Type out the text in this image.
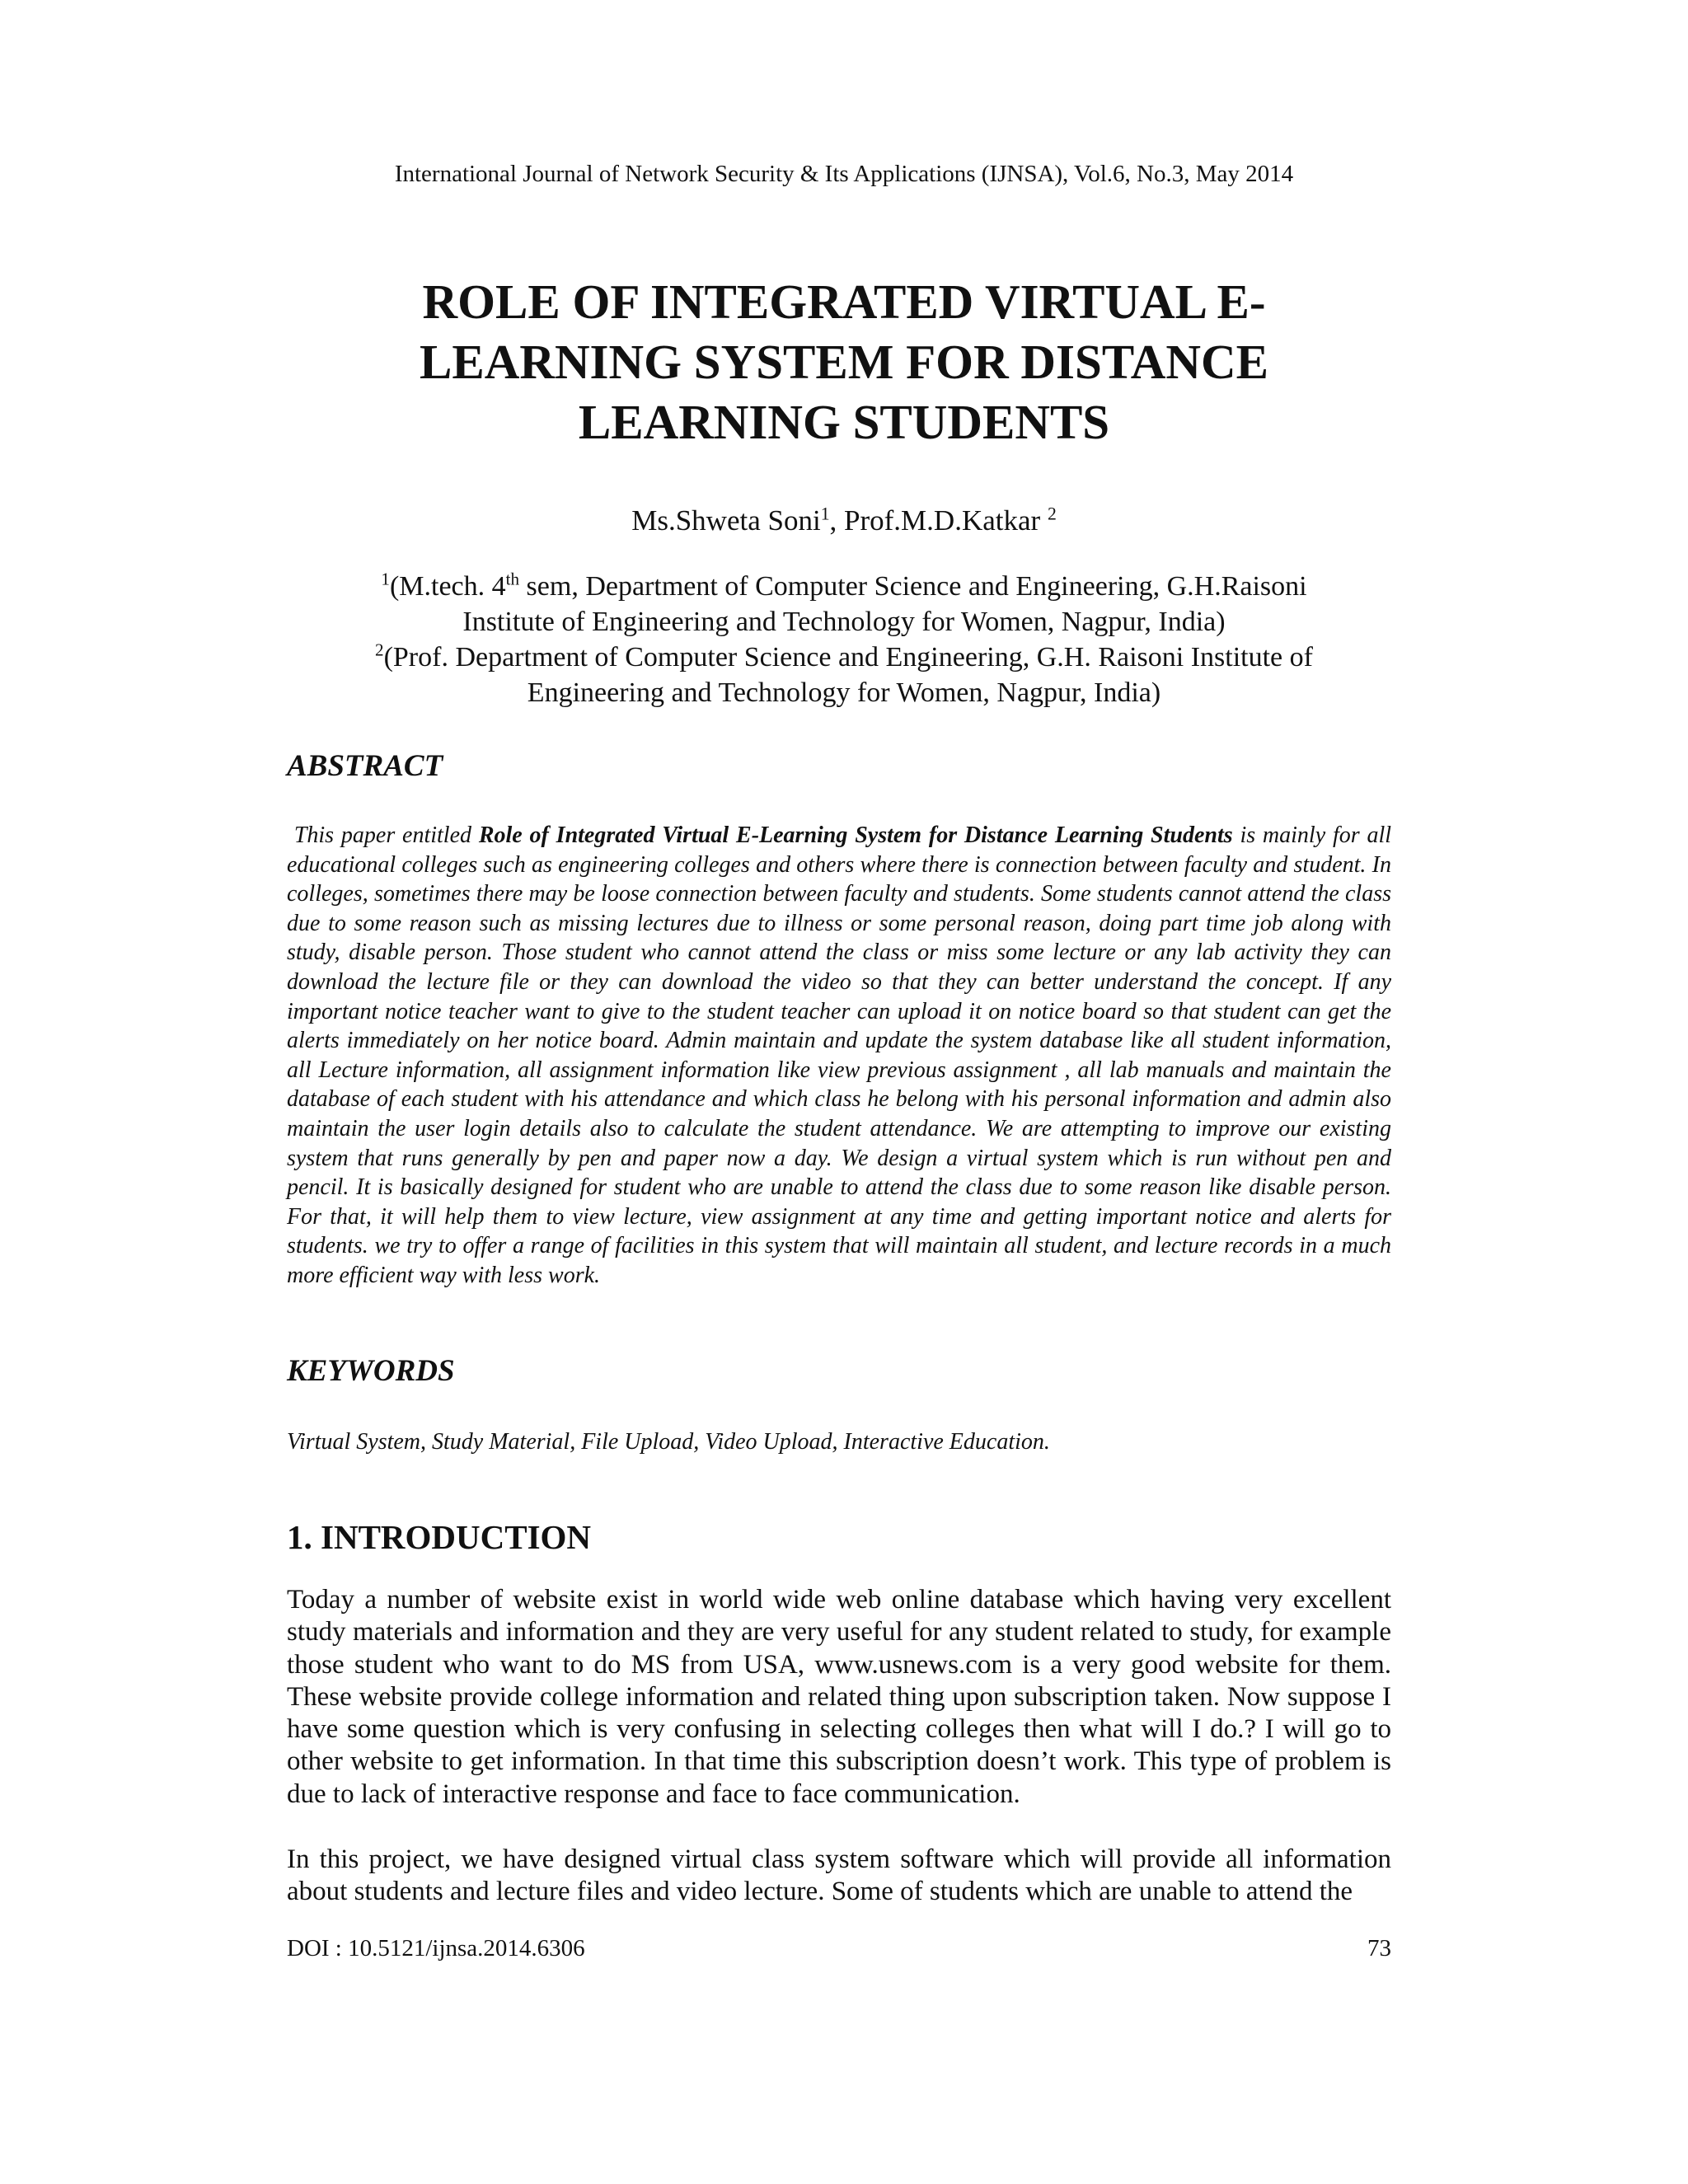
International Journal of Network Security & Its Applications (IJNSA), Vol.6, No.3, May 2014
ROLE OF INTEGRATED VIRTUAL E-
LEARNING SYSTEM FOR DISTANCE
LEARNING STUDENTS
Ms.Shweta Soni$^1$, Prof.M.D.Katkar $^2$
$^1$(M.tech. 4th sem, Department of Computer Science and Engineering, G.H.Raisoni
Institute of Engineering and Technology for Women, Nagpur, India)
$^2$(Prof. Department of Computer Science and Engineering, G.H. Raisoni Institute of
Engineering and Technology for Women, Nagpur, India)
ABSTRACT

This paper entitled Role of Integrated Virtual E-Learning System for Distance Learning Students is mainly for all educational colleges such as engineering colleges and others where there is connection between faculty and student. In colleges, sometimes there may be loose connection between faculty and students. Some students cannot attend the class due to some reason such as missing lectures due to illness or some personal reason, doing part time job along with study, disable person. Those student who cannot attend the class or miss some lecture or any lab activity they can download the lecture file or they can download the video so that they can better understand the concept. If any important notice teacher want to give to the student teacher can upload it on notice board so that student can get the alerts immediately on her notice board. Admin maintain and update the system database like all student information, all Lecture information, all assignment information like view previous assignment , all lab manuals and maintain the database of each student with his attendance and which class he belong with his personal information and admin also maintain the user login details also to calculate the student attendance. We are attempting to improve our existing system that runs generally by pen and paper now a day. We design a virtual system which is run without pen and pencil. It is basically designed for student who are unable to attend the class due to some reason like disable person. For that, it will help them to view lecture, view assignment at any time and getting important notice and alerts for students. we try to offer a range of facilities in this system that will maintain all student, and lecture records in a much more efficient way with less work.

KEYWORDS

Virtual System, Study Material, File Upload, Video Upload, Interactive Education.

1. INTRODUCTION

Today a number of website exist in world wide web online database which having very excellent study materials and information and they are very useful for any student related to study, for example those student who want to do MS from USA, www.usnews.com is a very good website for them. These website provide college information and related thing upon subscription taken. Now suppose I have some question which is very confusing in selecting colleges then what will I do.? I will go to other website to get information. In that time this subscription doesn’t work. This type of problem is due to lack of interactive response and face to face communication.

In this project, we have designed virtual class system software which will provide all information about students and lecture files and video lecture. Some of students which are unable to attend the

DOI : 10.5121/ijnsa.2014.6306	73
